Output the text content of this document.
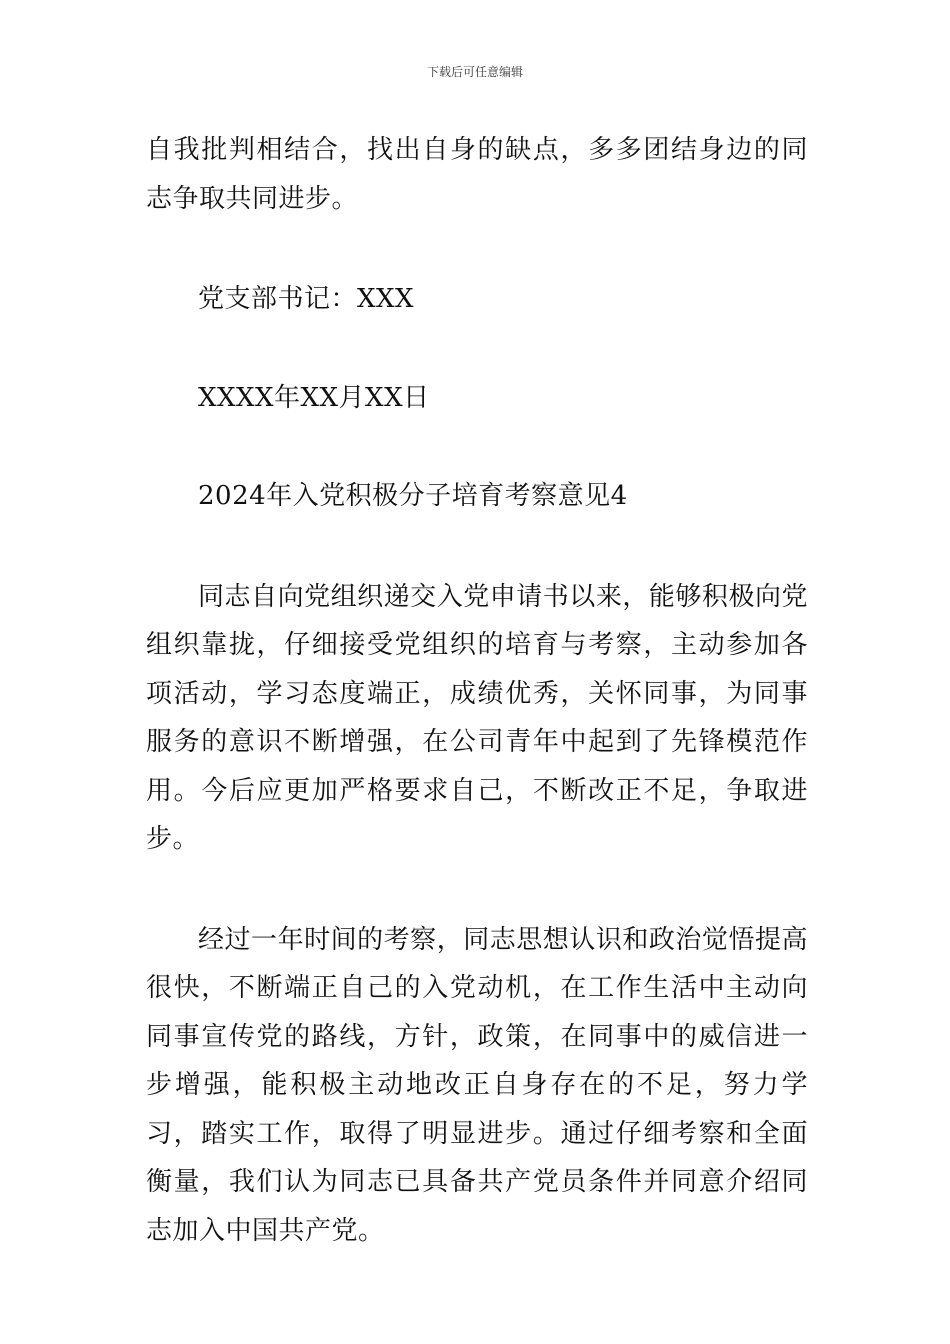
下载后可任意编辑

自我批判相结合，找出自身的缺点，多多团结身边的同志争取共同进步。

党支部书记：XXX

XXXX年XX月XX日

2024年入党积极分子培育考察意见4

同志自向党组织递交入党申请书以来，能够积极向党组织靠拢，仔细接受党组织的培育与考察，主动参加各项活动，学习态度端正，成绩优秀，关怀同事，为同事服务的意识不断增强，在公司青年中起到了先锋模范作用。今后应更加严格要求自己，不断改正不足，争取进步。

经过一年时间的考察，同志思想认识和政治觉悟提高很快，不断端正自己的入党动机，在工作生活中主动向同事宣传党的路线，方针，政策，在同事中的威信进一步增强，能积极主动地改正自身存在的不足，努力学习，踏实工作，取得了明显进步。通过仔细考察和全面衡量，我们认为同志已具备共产党员条件并同意介绍同志加入中国共产党。
